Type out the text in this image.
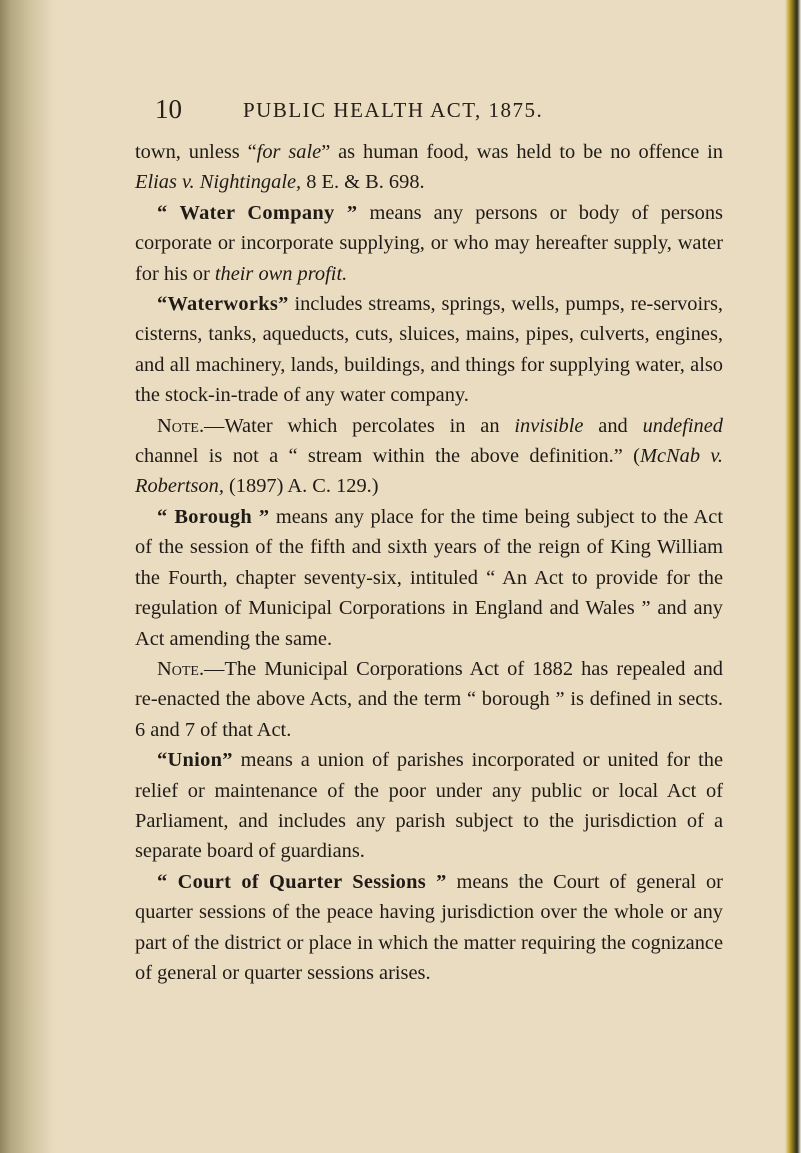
10	PUBLIC HEALTH ACT, 1875.

town, unless “for sale” as human food, was held to be no offence in Elias v. Nightingale, 8 E. & B. 698.

“ Water Company ” means any persons or body of persons corporate or incorporate supplying, or who may hereafter supply, water for his or their own profit.

“Waterworks” includes streams, springs, wells, pumps, re-servoirs, cisterns, tanks, aqueducts, cuts, sluices, mains, pipes, culverts, engines, and all machinery, lands, buildings, and things for supplying water, also the stock-in-trade of any water company.

Note.—Water which percolates in an invisible and undefined channel is not a “ stream within the above definition.” (McNab v. Robertson, (1897) A. C. 129.)

“ Borough ” means any place for the time being subject to the Act of the session of the fifth and sixth years of the reign of King William the Fourth, chapter seventy-six, intituled “ An Act to provide for the regulation of Municipal Corporations in England and Wales ” and any Act amending the same.

Note.—The Municipal Corporations Act of 1882 has repealed and re-enacted the above Acts, and the term “ borough ” is defined in sects. 6 and 7 of that Act.

“Union” means a union of parishes incorporated or united for the relief or maintenance of the poor under any public or local Act of Parliament, and includes any parish subject to the jurisdiction of a separate board of guardians.

“ Court of Quarter Sessions ” means the Court of general or quarter sessions of the peace having jurisdiction over the whole or any part of the district or place in which the matter requiring the cognizance of general or quarter sessions arises.
